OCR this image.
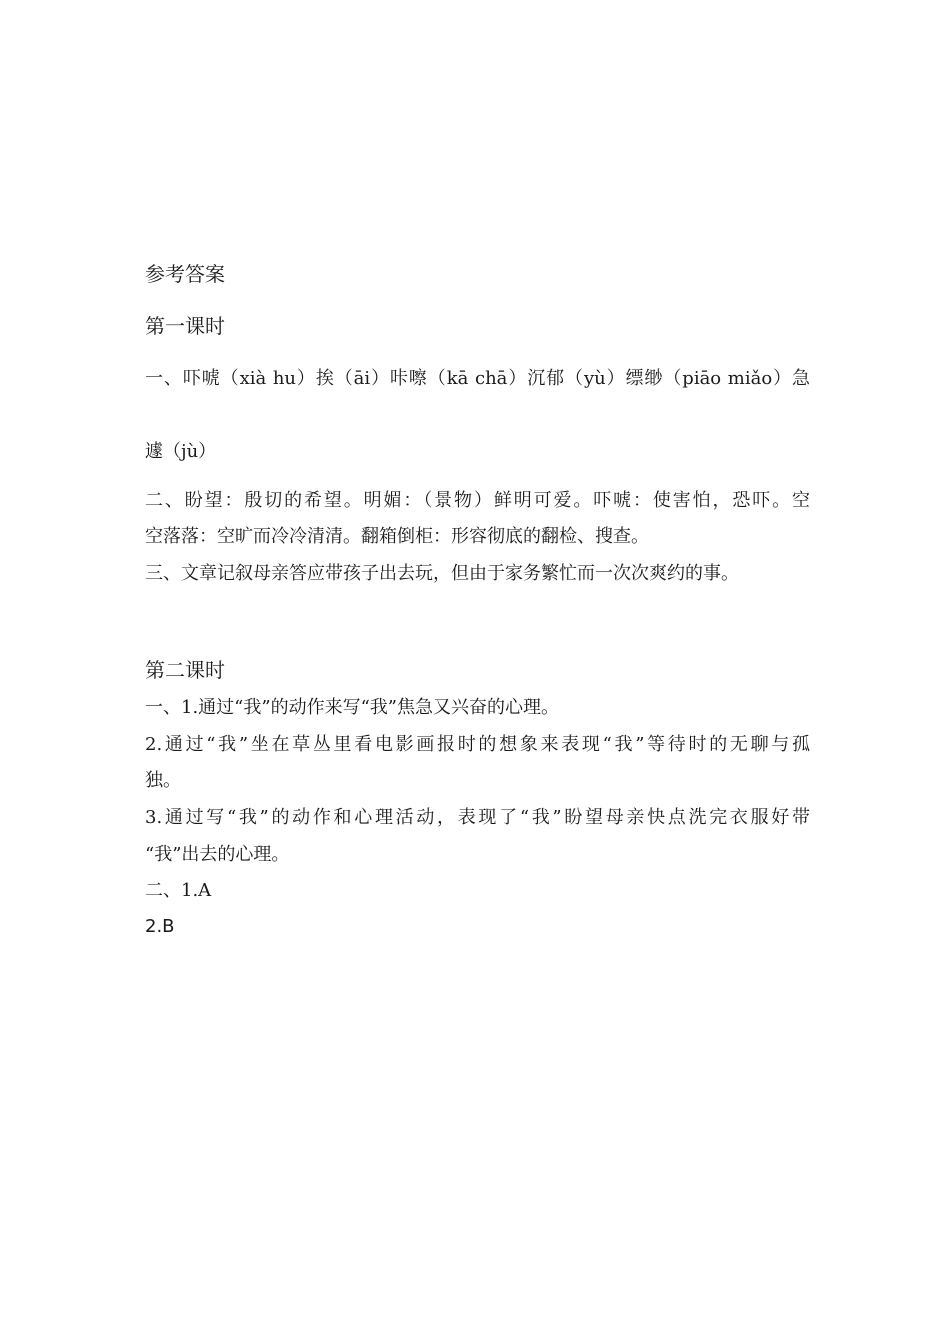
参考答案
第一课时
一、吓唬（xià hu）挨（āi）咔嚓（kā chā）沉郁（yù）缥缈（piāo miǎo）急
遽（jù）
二、盼望：殷切的希望。明媚：（景物）鲜明可爱。吓唬：使害怕，恐吓。空
空落落：空旷而冷冷清清。翻箱倒柜：形容彻底的翻检、搜查。
三、文章记叙母亲答应带孩子出去玩，但由于家务繁忙而一次次爽约的事。
第二课时
一、1.通过“我”的动作来写“我”焦急又兴奋的心理。
2.通过“我”坐在草丛里看电影画报时的想象来表现“我”等待时的无聊与孤
独。
3.通过写“我”的动作和心理活动，表现了“我”盼望母亲快点洗完衣服好带
“我”出去的心理。
二、1.A
2.B
